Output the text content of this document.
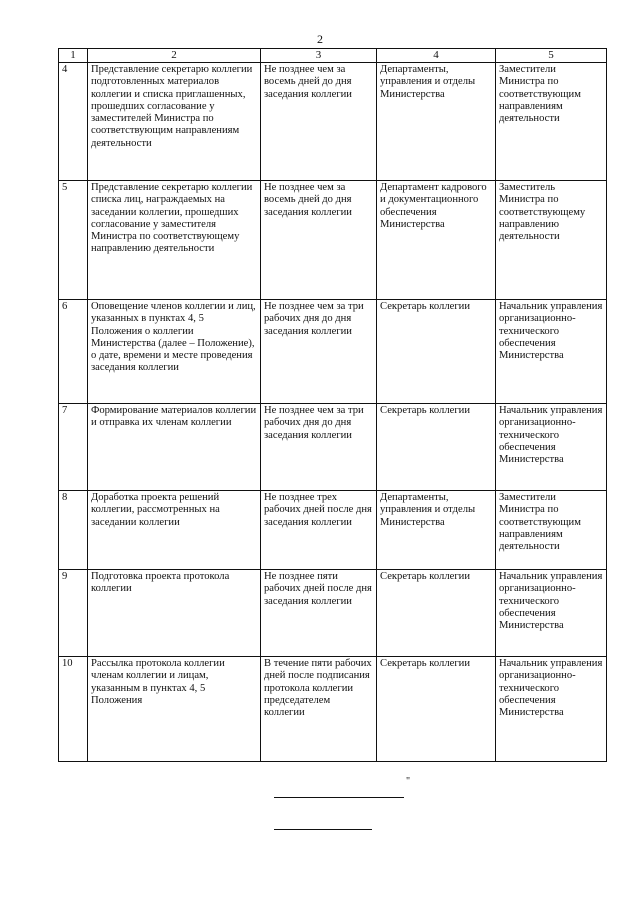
2
1	2	3	4	5
4	Представление секретарю коллегии подготовленных материалов коллегии и списка приглашенных, прошедших согласование у заместителей Министра по соответствующим направлениям деятельности	Не позднее чем за восемь дней до дня заседания коллегии	Департаменты, управления и отделы Министерства	Заместители Министра по соответствующим направлениям деятельности
5	Представление секретарю коллегии списка лиц, награждаемых на заседании коллегии, прошедших согласование у заместителя Министра по соответствующему направлению деятельности	Не позднее чем за восемь дней до дня заседания коллегии	Департамент кадрового и документационного обеспечения Министерства	Заместитель Министра по соответствующему направлению деятельности
6	Оповещение членов коллегии и лиц, указанных в пунктах 4, 5 Положения о коллегии Министерства (далее – Положение), о дате, времени и месте проведения заседания коллегии	Не позднее чем за три рабочих дня до дня заседания коллегии	Секретарь коллегии	Начальник управления организационно-технического обеспечения Министерства
7	Формирование материалов коллегии и отправка их членам коллегии	Не позднее чем за три рабочих дня до дня заседания коллегии	Секретарь коллегии	Начальник управления организационно-технического обеспечения Министерства
8	Доработка проекта решений коллегии, рассмотренных на заседании коллегии	Не позднее трех рабочих дней после дня заседания коллегии	Департаменты, управления и отделы Министерства	Заместители Министра по соответствующим направлениям деятельности
9	Подготовка проекта протокола коллегии	Не позднее пяти рабочих дней после дня заседания коллегии	Секретарь коллегии	Начальник управления организационно-технического обеспечения Министерства
10	Рассылка протокола коллегии членам коллегии и лицам, указанным в пунктах 4, 5 Положения	В течение пяти рабочих дней после подписания протокола коллегии председателем коллегии	Секретарь коллегии	Начальник управления организационно-технического обеспечения Министерства
"
